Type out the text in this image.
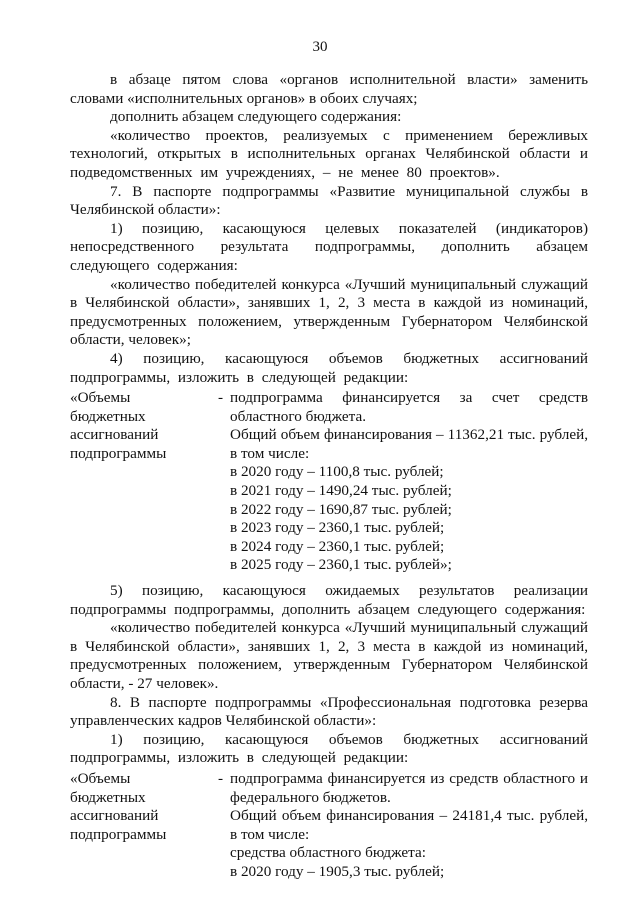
30

в абзаце пятом слова «органов исполнительной власти» заменить словами «исполнительных органов» в обоих случаях;

дополнить абзацем следующего содержания:

«количество проектов, реализуемых с применением бережливых технологий, открытых в исполнительных органах Челябинской области и подведомственных им учреждениях, – не менее 80 проектов».

7. В паспорте подпрограммы «Развитие муниципальной службы в Челябинской области»:

1) позицию, касающуюся целевых показателей (индикаторов) непосредственного результата подпрограммы, дополнить абзацем следующего содержания:

«количество победителей конкурса «Лучший муниципальный служащий в Челябинской области», занявших 1, 2, 3 места в каждой из номинаций, предусмотренных положением, утвержденным Губернатором Челябинской области, человек»;

4) позицию, касающуюся объемов бюджетных ассигнований подпрограммы, изложить в следующей редакции:

«Объемы
бюджетных
ассигнований
подпрограммы
- подпрограмма финансируется за счет средств областного бюджета.
Общий объем финансирования – 11362,21 тыс. рублей, в том числе:
в 2020 году – 1100,8 тыс. рублей;
в 2021 году – 1490,24 тыс. рублей;
в 2022 году – 1690,87 тыс. рублей;
в 2023 году – 2360,1 тыс. рублей;
в 2024 году – 2360,1 тыс. рублей;
в 2025 году – 2360,1 тыс. рублей»;

5) позицию, касающуюся ожидаемых результатов реализации подпрограммы подпрограммы, дополнить абзацем следующего содержания:

«количество победителей конкурса «Лучший муниципальный служащий в Челябинской области», занявших 1, 2, 3 места в каждой из номинаций, предусмотренных положением, утвержденным Губернатором Челябинской области, - 27 человек».

8. В паспорте подпрограммы «Профессиональная подготовка резерва управленческих кадров Челябинской области»:

1) позицию, касающуюся объемов бюджетных ассигнований подпрограммы, изложить в следующей редакции:

«Объемы
бюджетных
ассигнований
подпрограммы
- подпрограмма финансируется из средств областного и федерального бюджетов.
Общий объем финансирования – 24181,4 тыс. рублей, в том числе:
средства областного бюджета:
в 2020 году – 1905,3 тыс. рублей;
